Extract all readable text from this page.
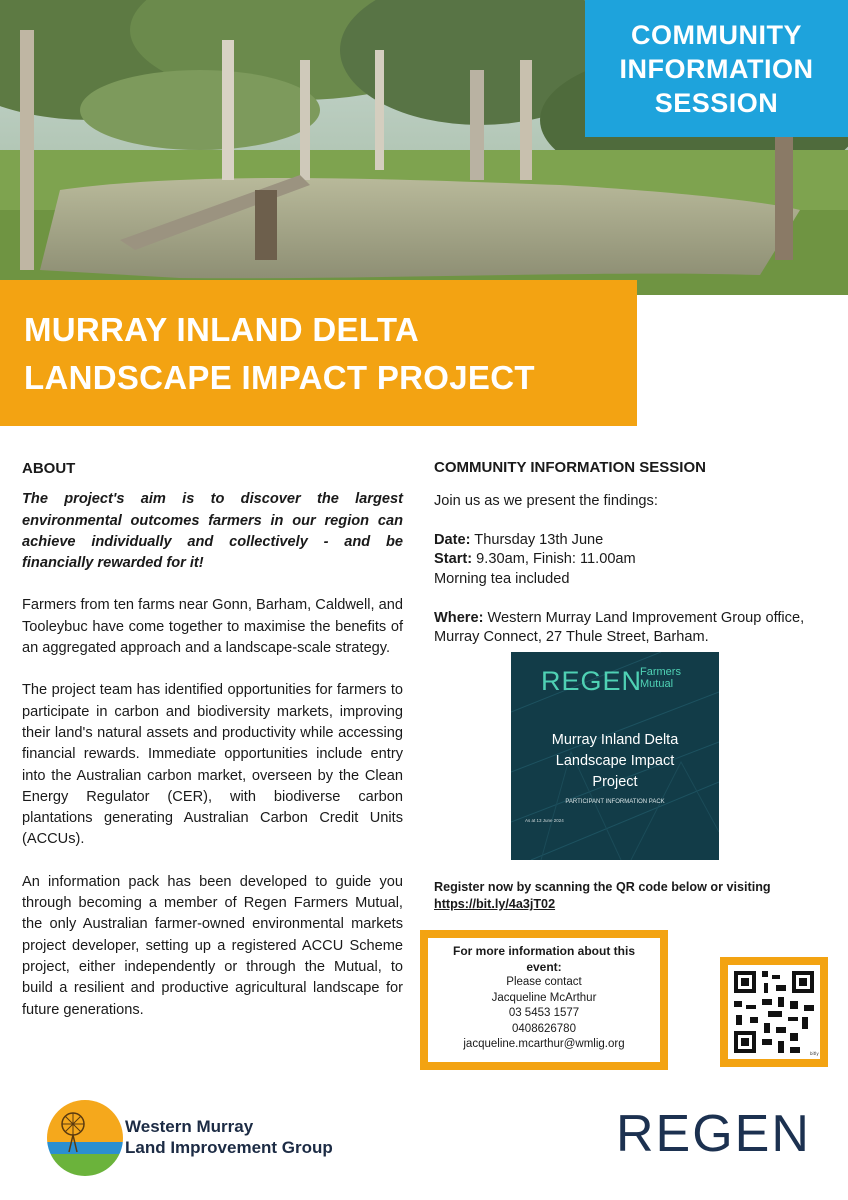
COMMUNITY
INFORMATION
SESSION
MURRAY INLAND DELTA
LANDSCAPE IMPACT PROJECT
ABOUT

The project's aim is to discover the largest environmental outcomes farmers in our region can achieve individually and collectively - and be financially rewarded for it!

Farmers from ten farms near Gonn, Barham, Caldwell, and Tooleybuc have come together to maximise the benefits of an aggregated approach and a landscape-scale strategy.

The project team has identified opportunities for farmers to participate in carbon and biodiversity markets, improving their land's natural assets and productivity while accessing financial rewards. Immediate opportunities include entry into the Australian carbon market, overseen by the Clean Energy Regulator (CER), with biodiverse carbon plantations generating Australian Carbon Credit Units (ACCUs).

An information pack has been developed to guide you through becoming a member of Regen Farmers Mutual, the only Australian farmer-owned environmental markets project developer, setting up a registered ACCU Scheme project, either independently or through the Mutual, to build a resilient and productive agricultural landscape for future generations.

COMMUNITY INFORMATION SESSION

Join us as we present the findings:

Date: Thursday 13th June

Start: 9.30am, Finish: 11.00am

Morning tea included

Where: Western Murray Land Improvement Group office, Murray Connect, 27 Thule Street, Barham.

REGEN
Farmers
Mutual
Murray Inland Delta
Landscape Impact
Project
PARTICIPANT INFORMATION PACK
As at 13 June 2024
Register now by scanning the QR code below or visiting
https://bit.ly/4a3jT02
For more information about this
event:
Please contact
Jacqueline McArthur
03 5453 1577
0408626780
jacqueline.mcarthur@wmlig.org
bitly
Western Murray
Land Improvement Group	REGEN
